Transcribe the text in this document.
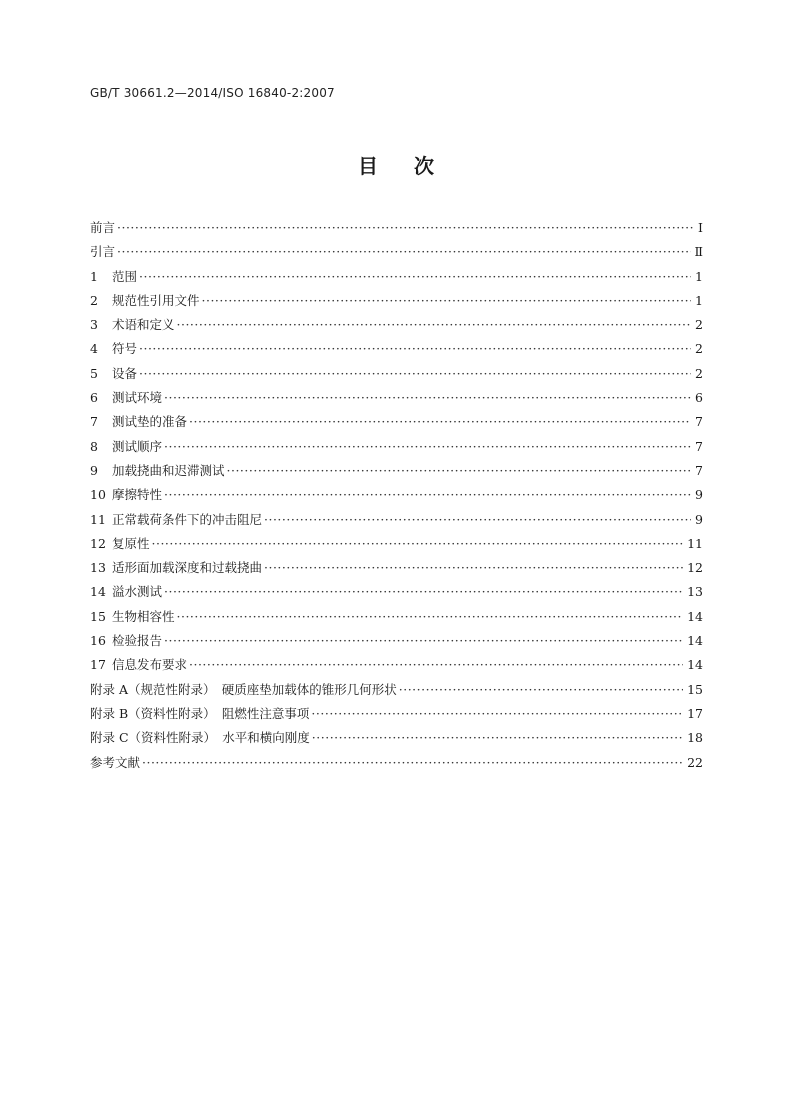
GB/T 30661.2—2014/ISO 16840-2:2007
目 次
前言 ·····	Ⅰ
引言 ·····	Ⅱ
1 范围 ·····	1
2 规范性引用文件 ·····	1
3 术语和定义 ·····	2
4 符号 ·····	2
5 设备 ·····	2
6 测试环境 ·····	6
7 测试垫的准备 ·····	7
8 测试顺序 ·····	7
9 加载挠曲和迟滞测试 ·····	7
10 摩擦特性 ·····	9
11 正常载荷条件下的冲击阻尼 ·····	9
12 复原性 ·····	11
13 适形面加载深度和过载挠曲 ·····	12
14 溢水测试 ·····	13
15 生物相容性 ·····	14
16 检验报告 ·····	14
17 信息发布要求 ·····	14
附录 A（规范性附录）　硬质座垫加载体的锥形几何形状 ·····	15
附录 B（资料性附录）　阻燃性注意事项 ·····	17
附录 C（资料性附录）　水平和横向刚度 ·····	18
参考文献 ·····	22
